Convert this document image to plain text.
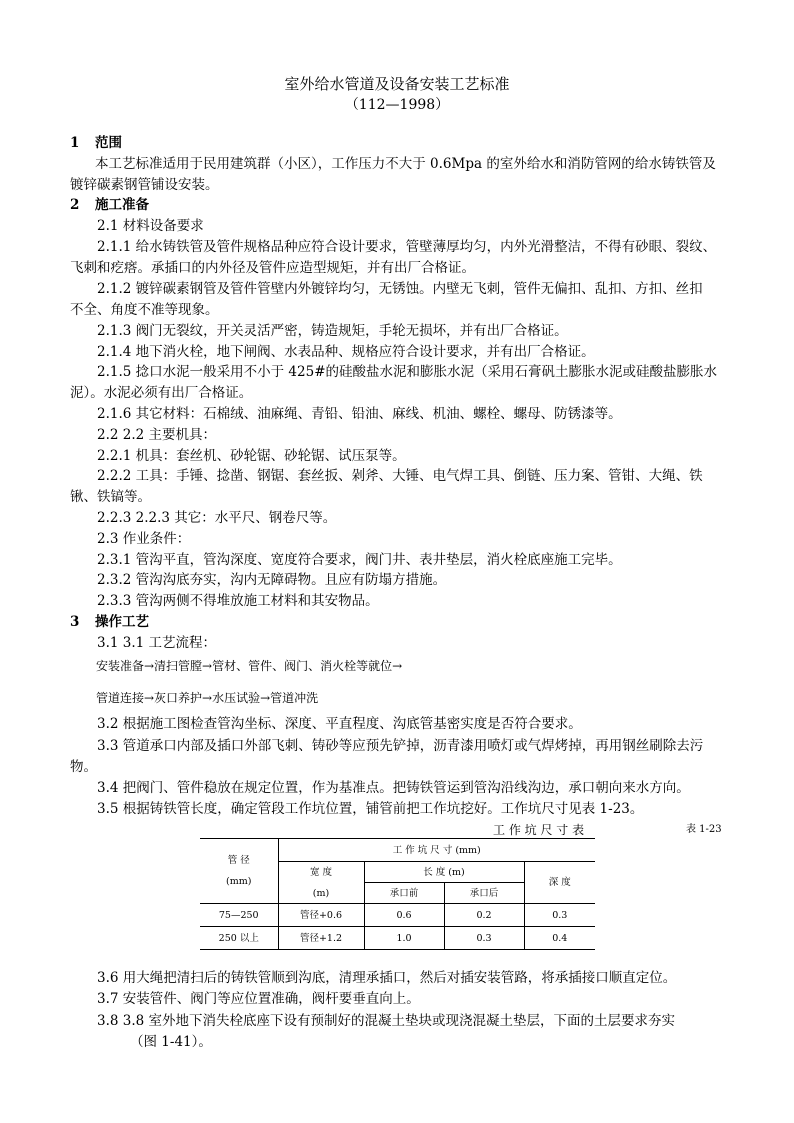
室外给水管道及设备安装工艺标准
（112—1998）
1 范围
本工艺标准适用于民用建筑群（小区），工作压力不大于 0.6Mpa 的室外给水和消防管网的给水铸铁管及
镀锌碳素钢管铺设安装。
2 施工准备
2.1 材料设备要求
2.1.1 给水铸铁管及管件规格品种应符合设计要求，管壁薄厚均匀，内外光滑整洁，不得有砂眼、裂纹、
飞刺和疙瘩。承插口的内外径及管件应造型规矩，并有出厂合格证。
2.1.2 镀锌碳素钢管及管件管壁内外镀锌均匀，无锈蚀。内壁无飞刺，管件无偏扣、乱扣、方扣、丝扣
不全、角度不准等现象。
2.1.3 阀门无裂纹，开关灵活严密，铸造规矩，手轮无损坏，并有出厂合格证。
2.1.4 地下消火栓，地下闸阀、水表品种、规格应符合设计要求，并有出厂合格证。
2.1.5 捻口水泥一般采用不小于 425#的硅酸盐水泥和膨胀水泥（采用石膏矾土膨胀水泥或硅酸盐膨胀水
泥）。水泥必须有出厂合格证。
2.1.6 其它材料：石棉绒、油麻绳、青铅、铅油、麻线、机油、螺栓、螺母、防锈漆等。
2.2 2.2 主要机具：
2.2.1 机具：套丝机、砂轮锯、砂轮锯、试压泵等。
2.2.2 工具：手锤、捻凿、钢锯、套丝扳、剁斧、大锤、电气焊工具、倒链、压力案、管钳、大绳、铁
锹、铁镐等。
2.2.3 2.2.3 其它：水平尺、钢卷尺等。
2.3 作业条件：
2.3.1 管沟平直，管沟深度、宽度符合要求，阀门井、表井垫层，消火栓底座施工完毕。
2.3.2 管沟沟底夯实，沟内无障碍物。且应有防塌方措施。
2.3.3 管沟两侧不得堆放施工材料和其安物品。
3 操作工艺
3.1 3.1 工艺流程：
安装准备→清扫管膛→管材、管件、阀门、消火栓等就位→
管道连接→灰口养护→水压试验→管道冲洗
3.2 根据施工图检查管沟坐标、深度、平直程度、沟底管基密实度是否符合要求。
3.3 管道承口内部及插口外部飞刺、铸砂等应预先铲掉，沥青漆用喷灯或气焊烤掉，再用钢丝刷除去污
物。
3.4 把阀门、管件稳放在规定位置，作为基准点。把铸铁管运到管沟沿线沟边，承口朝向来水方向。
3.5 根据铸铁管长度，确定管段工作坑位置，铺管前把工作坑挖好。工作坑尺寸见表 1-23。
工 作 坑 尺 寸 表	表 1-23
管 径
(mm)	工 作 坑 尺 寸 (mm)			

	宽 度
(m)	长 度 (m)		深 度
		承口前	承口后	
75—250	管径+0.6	0.6	0.2	0.3
250 以上	管径+1.2	1.0	0.3	0.4
3.6 用大绳把清扫后的铸铁管顺到沟底，清理承插口，然后对插安装管路，将承插接口顺直定位。
3.7 安装管件、阀门等应位置准确，阀杆要垂直向上。
3.8 3.8 室外地下消失栓底座下设有预制好的混凝土垫块或现浇混凝土垫层，下面的土层要求夯实
（图 1-41）。
